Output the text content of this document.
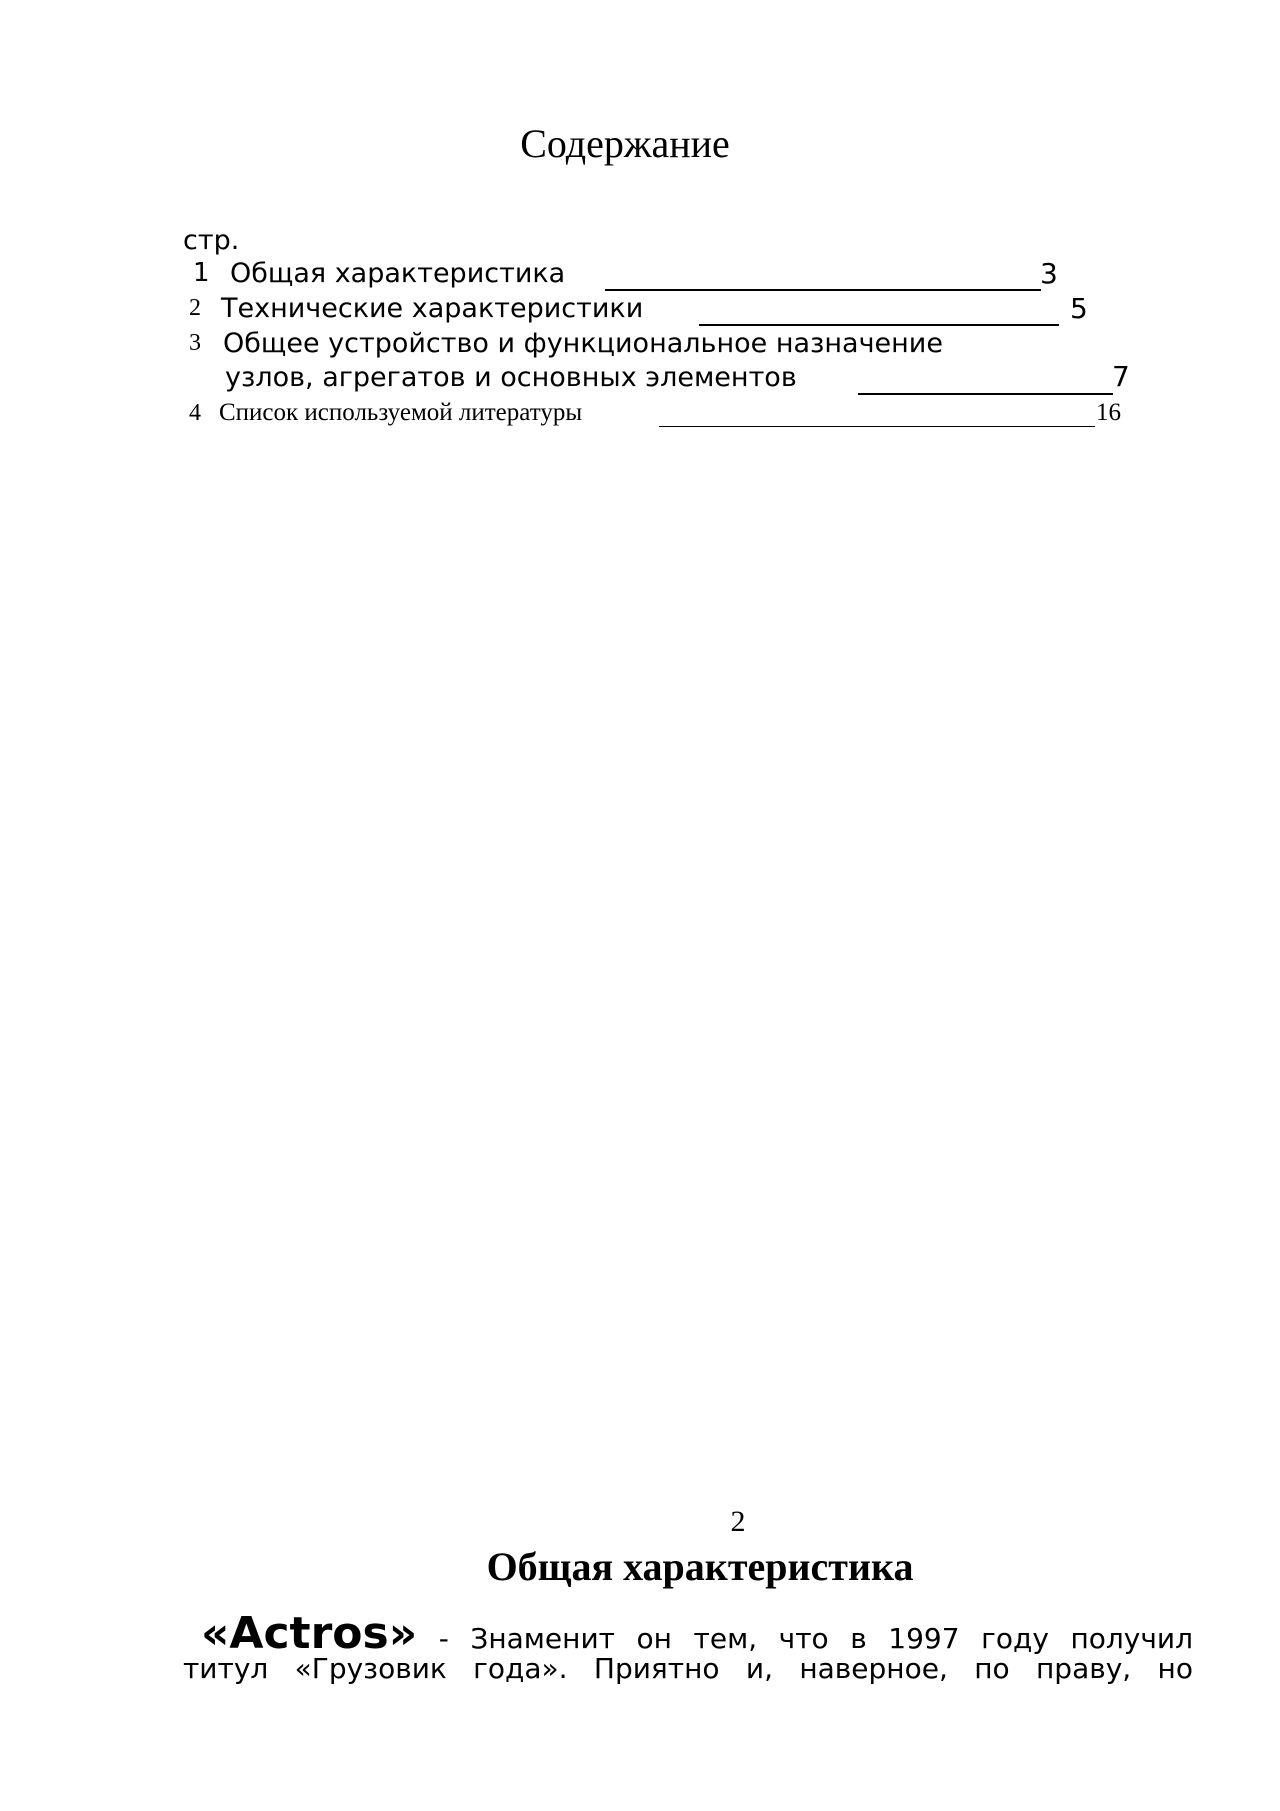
Содержание
стр.
1 Общая характеристика	3
2 Технические характеристики	5
3 Общее устройство и функциональное назначение
узлов, агрегатов и основных элементов	7
4 Список используемой литературы	16
2
Общая характеристика
«Actros» - Знаменит он тем, что в 1997 году получил
титул «Грузовик года». Приятно и, наверное, по праву, но
